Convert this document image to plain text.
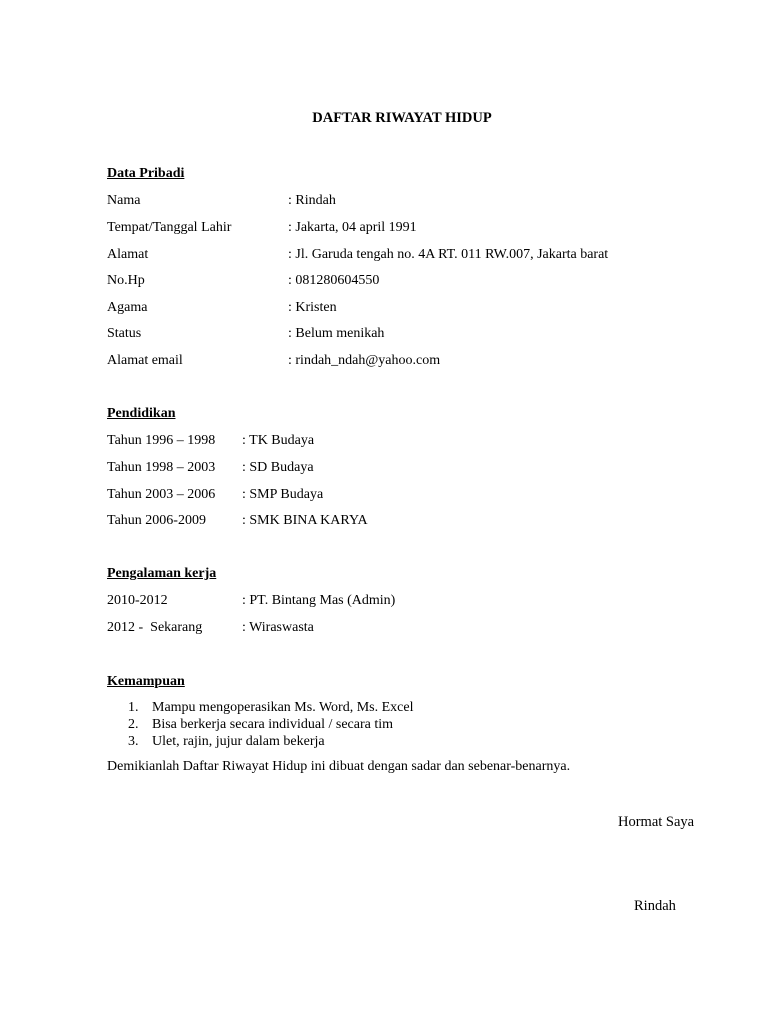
DAFTAR RIWAYAT HIDUP
Data Pribadi
Nama	: Rindah
Tempat/Tanggal Lahir	: Jakarta, 04 april 1991
Alamat	: Jl. Garuda tengah no. 4A RT. 011 RW.007, Jakarta barat
No.Hp	: 081280604550
Agama	: Kristen
Status	: Belum menikah
Alamat email	: rindah_ndah@yahoo.com
Pendidikan
Tahun 1996 – 1998 : TK Budaya
Tahun 1998 – 2003 : SD Budaya
Tahun 2003 – 2006 : SMP Budaya
Tahun 2006-2009	: SMK BINA KARYA
Pengalaman kerja
2010-2012	: PT. Bintang Mas (Admin)
2012 -  Sekarang	: Wiraswasta
Kemampuan
1. Mampu mengoperasikan Ms. Word, Ms. Excel
2. Bisa berkerja secara individual / secara tim
3. Ulet, rajin, jujur dalam bekerja
Demikianlah Daftar Riwayat Hidup ini dibuat dengan sadar dan sebenar-benarnya.
Hormat Saya
Rindah
